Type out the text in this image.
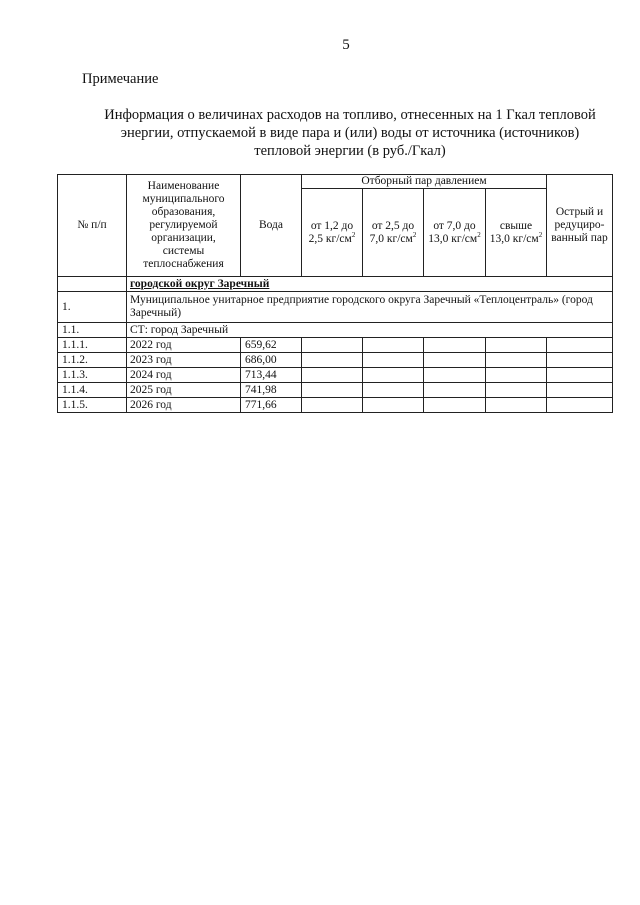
5
Примечание
Информация о величинах расходов на топливо, отнесенных на 1 Гкал тепловой
энергии, отпускаемой в виде пара и (или) воды от источника (источников)
тепловой энергии (в руб./Гкал)
№ п/п	Наименование муниципального образования, регулируемой организации, системы теплоснабжения	Вода	Отборный пар давлением				Острый и редуциро-ванный пар
			от 1,2 до 2,5 $кг/см^2$	от 2,5 до 7,0 $кг/см^2$	от 7,0 до 13,0 $кг/см^2$	свыше 13,0 $кг/см^2$
	городской округ Заречный						
1.	Муниципальное унитарное предприятие городского округа Заречный «Теплоцентраль» (город Заречный)						
1.1.	СТ: город Заречный						
1.1.1.	2022 год	659,62					
1.1.2.	2023 год	686,00					
1.1.3.	2024 год	713,44					
1.1.4.	2025 год	741,98					
1.1.5.	2026 год	771,66					
